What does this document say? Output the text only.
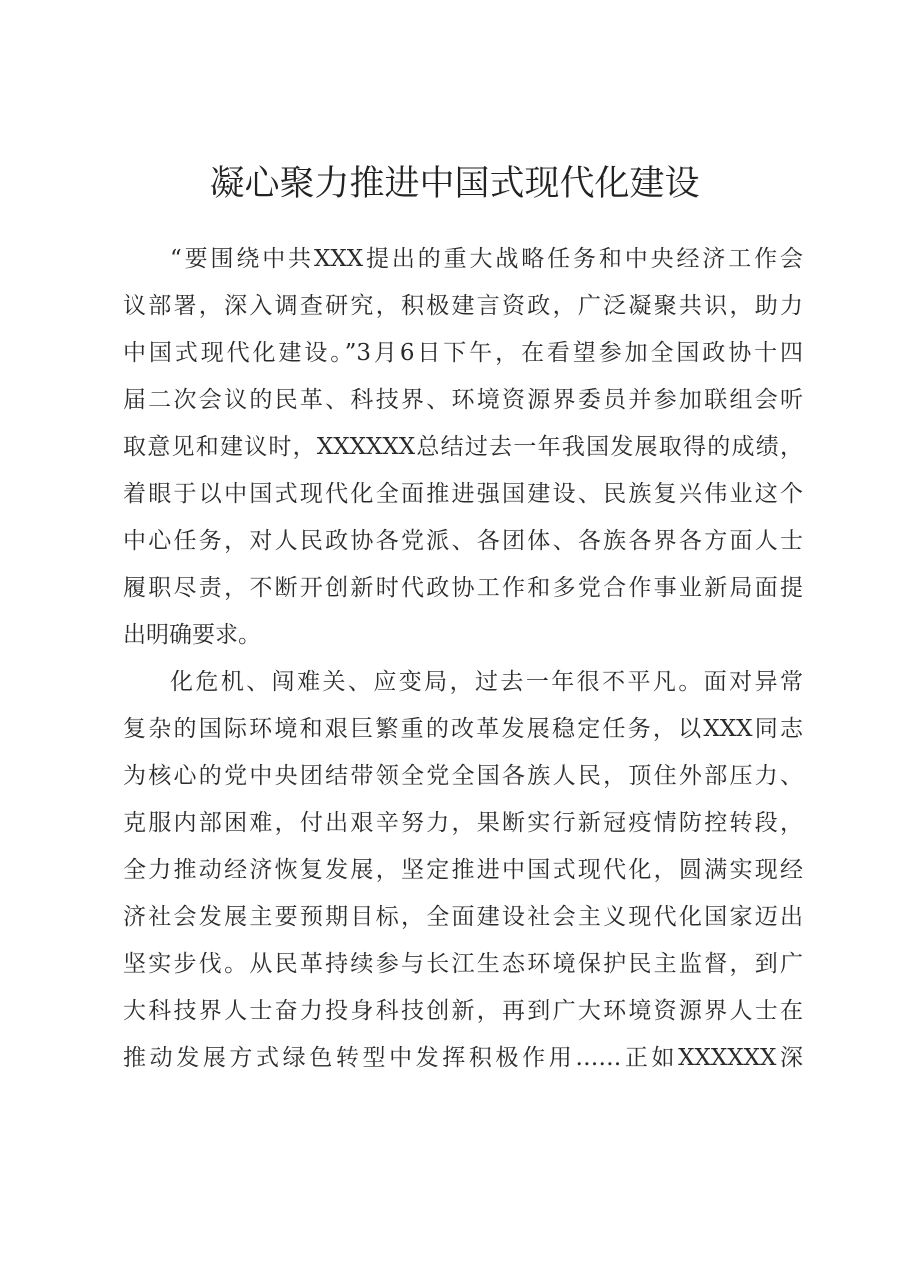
凝心聚力推进中国式现代化建设
“要围绕中共XXX提出的重大战略任务和中央经济工作会
议部署，深入调查研究，积极建言资政，广泛凝聚共识，助力
中国式现代化建设。”3月6日下午，在看望参加全国政协十四
届二次会议的民革、科技界、环境资源界委员并参加联组会听
取意见和建议时，XXXXXX总结过去一年我国发展取得的成绩，
着眼于以中国式现代化全面推进强国建设、民族复兴伟业这个
中心任务，对人民政协各党派、各团体、各族各界各方面人士
履职尽责，不断开创新时代政协工作和多党合作事业新局面提
出明确要求。
化危机、闯难关、应变局，过去一年很不平凡。面对异常
复杂的国际环境和艰巨繁重的改革发展稳定任务，以XXX同志
为核心的党中央团结带领全党全国各族人民，顶住外部压力、
克服内部困难，付出艰辛努力，果断实行新冠疫情防控转段，
全力推动经济恢复发展，坚定推进中国式现代化，圆满实现经
济社会发展主要预期目标，全面建设社会主义现代化国家迈出
坚实步伐。从民革持续参与长江生态环境保护民主监督，到广
大科技界人士奋力投身科技创新，再到广大环境资源界人士在
推动发展方式绿色转型中发挥积极作用……正如XXXXXX深
